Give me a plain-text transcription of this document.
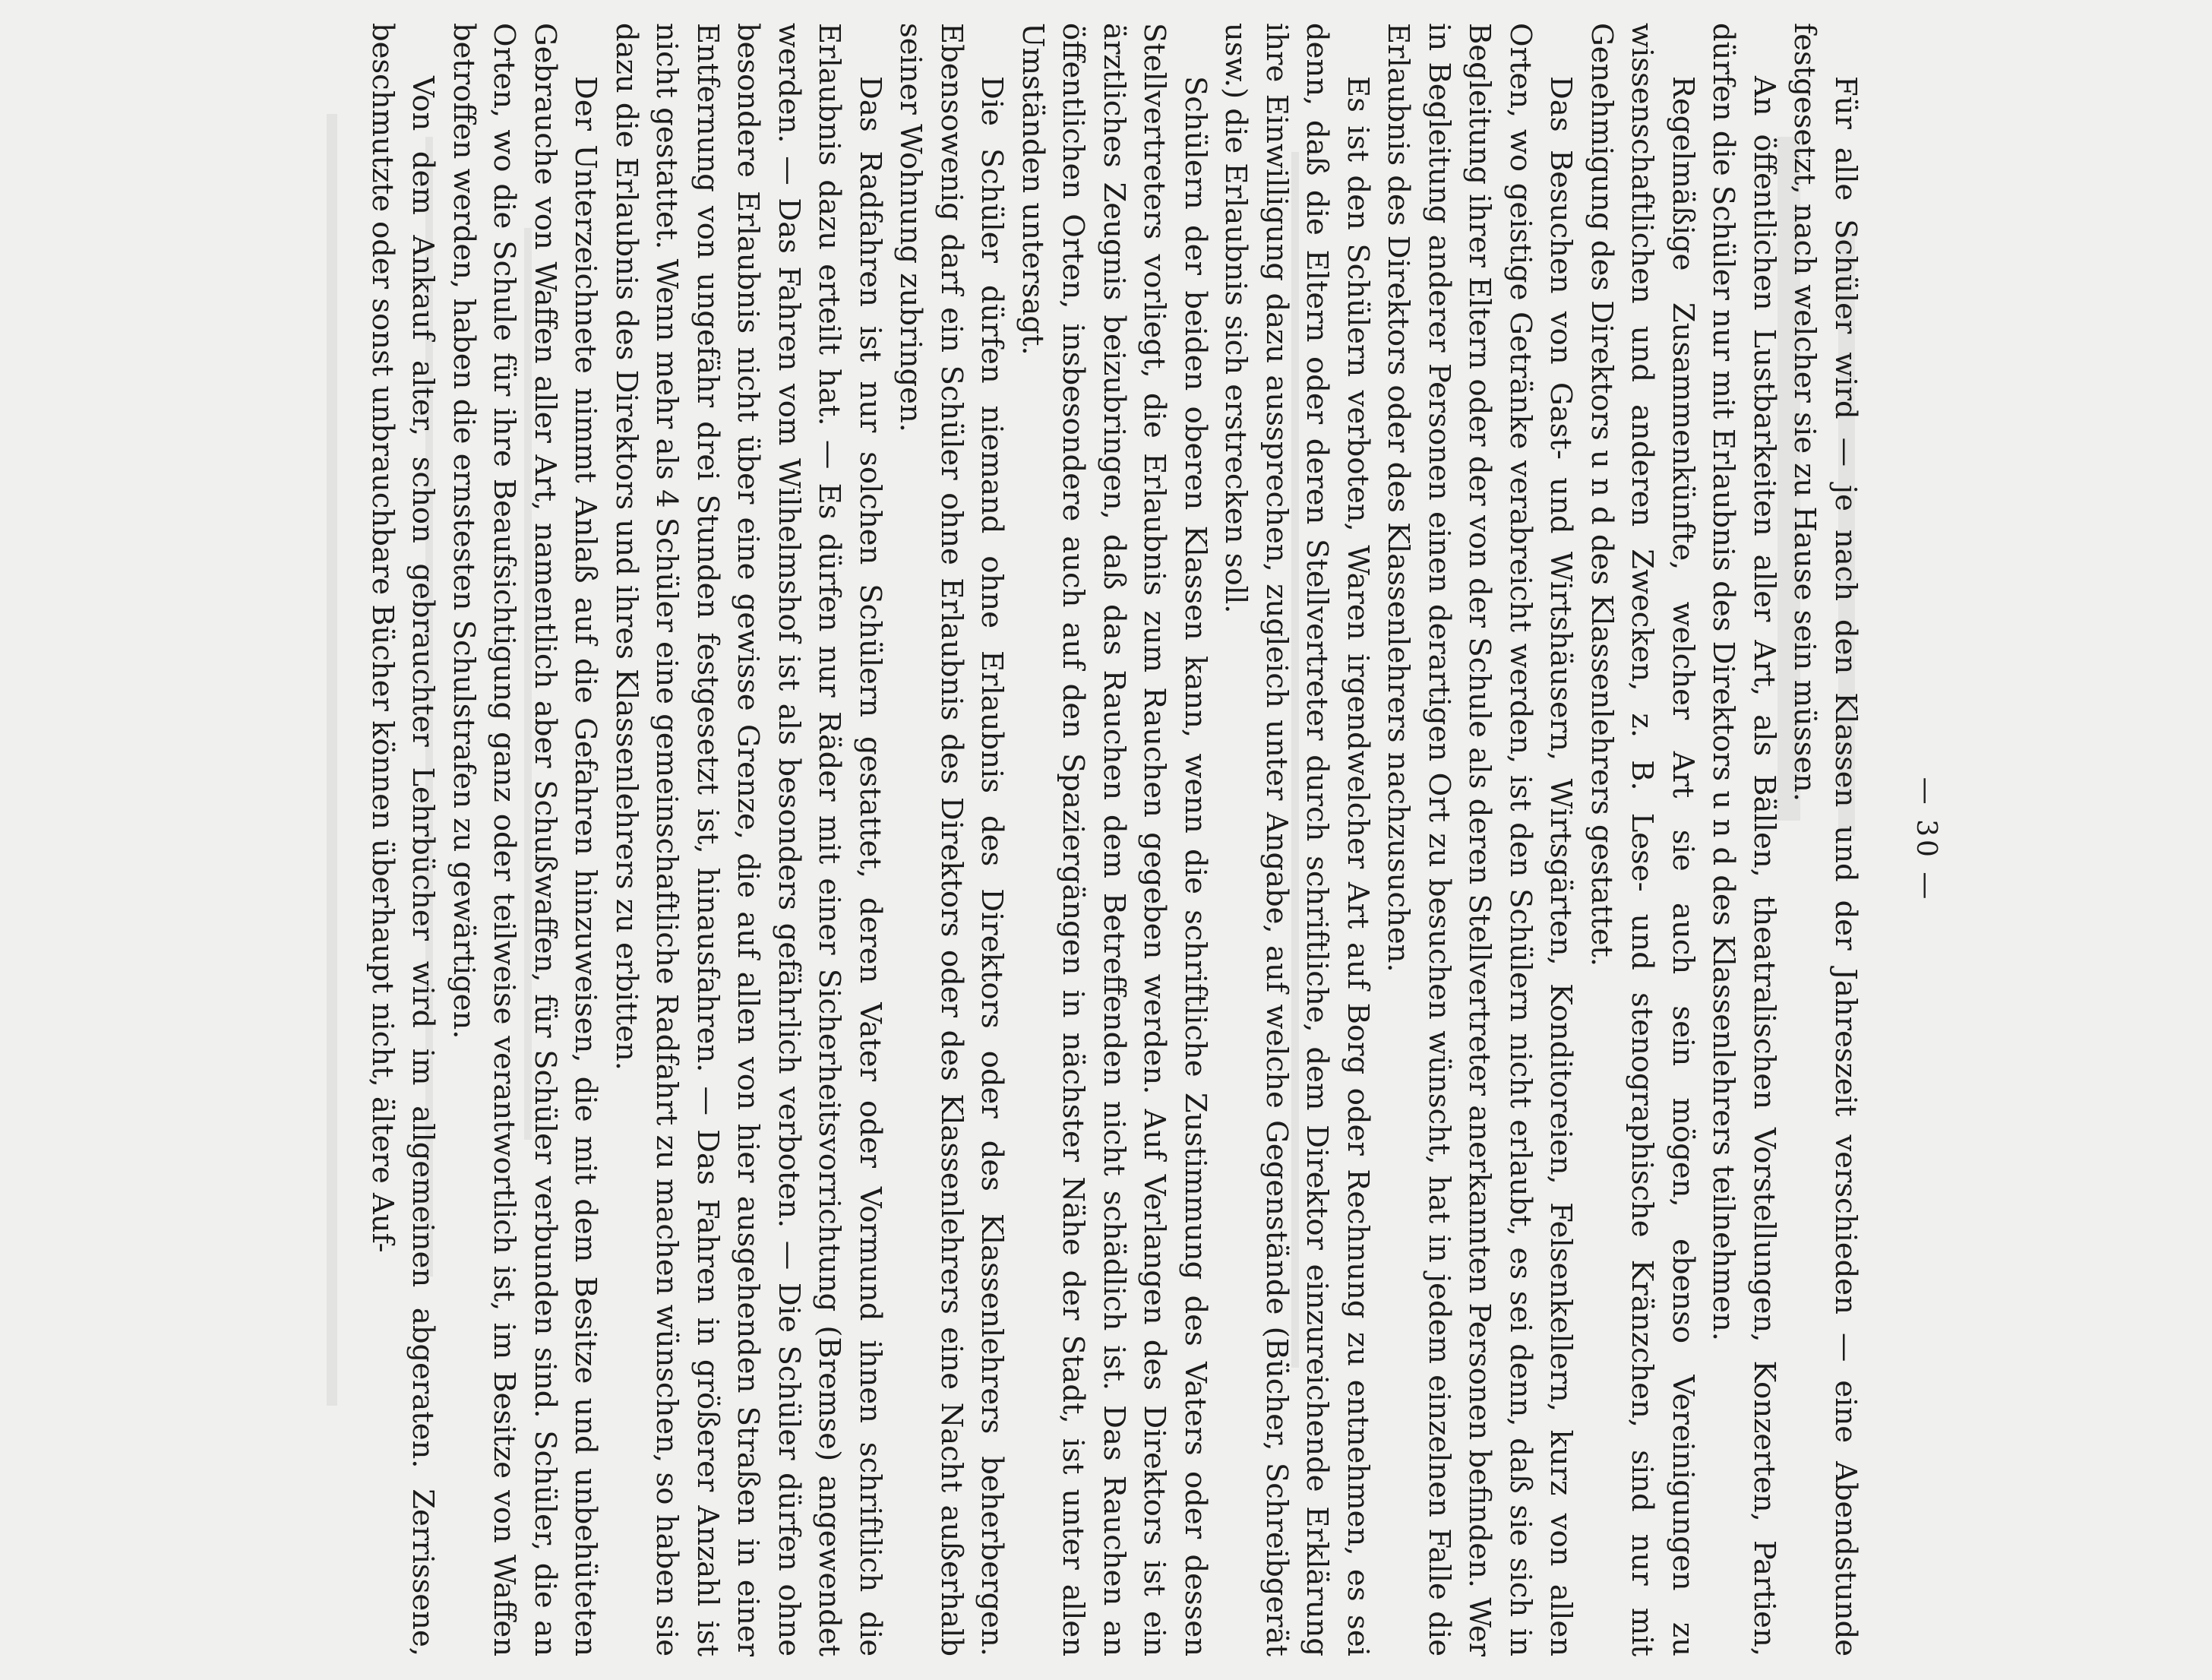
— 30 —

Für alle Schüler wird — je nach den Klassen und der Jahreszeit verschieden — eine Abendstunde festgesetzt, nach welcher sie zu Hause sein müssen.

An öffentlichen Lustbarkeiten aller Art, als Bällen, theatralischen Vorstellungen, Konzerten, Partien, dürfen die Schüler nur mit Erlaubnis des Direktors u n d des Klassenlehrers teilnehmen.

Regelmäßige Zusammenkünfte, welcher Art sie auch sein mögen, ebenso Vereinigungen zu wissenschaftlichen und anderen Zwecken, z. B. Lese- und stenographische Kränzchen, sind nur mit Genehmigung des Direktors u n d des Klassenlehrers gestattet.

Das Besuchen von Gast- und Wirtshäusern, Wirtsgärten, Konditoreien, Felsenkellern, kurz von allen Orten, wo geistige Getränke verabreicht werden, ist den Schülern nicht erlaubt, es sei denn, daß sie sich in Begleitung ihrer Eltern oder der von der Schule als deren Stellvertreter anerkannten Personen befinden. Wer in Begleitung anderer Personen einen derartigen Ort zu besuchen wünscht, hat in jedem einzelnen Falle die Erlaubnis des Direktors oder des Klassenlehrers nachzusuchen.

Es ist den Schülern verboten, Waren irgendwelcher Art auf Borg oder Rechnung zu entnehmen, es sei denn, daß die Eltern oder deren Stellvertreter durch schriftliche, dem Direktor einzureichende Erklärung ihre Einwilligung dazu aussprechen, zugleich unter Angabe, auf welche Gegenstände (Bücher, Schreibgerät usw.) die Erlaubnis sich erstrecken soll.

Schülern der beiden oberen Klassen kann, wenn die schriftliche Zustimmung des Vaters oder dessen Stellvertreters vorliegt, die Erlaubnis zum Rauchen gegeben werden. Auf Verlangen des Direktors ist ein ärztliches Zeugnis beizubringen, daß das Rauchen dem Betreffenden nicht schädlich ist. Das Rauchen an öffentlichen Orten, insbesondere auch auf den Spaziergängen in nächster Nähe der Stadt, ist unter allen Umständen untersagt.

Die Schüler dürfen niemand ohne Erlaubnis des Direktors oder des Klassenlehrers beherbergen. Ebensowenig darf ein Schüler ohne Erlaubnis des Direktors oder des Klassenlehrers eine Nacht außerhalb seiner Wohnung zubringen.

Das Radfahren ist nur solchen Schülern gestattet, deren Vater oder Vormund ihnen schriftlich die Erlaubnis dazu erteilt hat. — Es dürfen nur Räder mit einer Sicherheitsvorrichtung (Bremse) angewendet werden. — Das Fahren vom Wilhelmshof ist als besonders gefährlich verboten. — Die Schüler dürfen ohne besondere Erlaubnis nicht über eine gewisse Grenze, die auf allen von hier ausgehenden Straßen in einer Entfernung von ungefähr drei Stunden festgesetzt ist, hinausfahren. — Das Fahren in größerer Anzahl ist nicht gestattet. Wenn mehr als 4 Schüler eine gemeinschaftliche Radfahrt zu machen wünschen, so haben sie dazu die Erlaubnis des Direktors und ihres Klassenlehrers zu erbitten.

Der Unterzeichnete nimmt Anlaß auf die Gefahren hinzuweisen, die mit dem Besitze und unbehüteten Gebrauche von Waffen aller Art, namentlich aber Schußwaffen, für Schüler verbunden sind. Schüler, die an Orten, wo die Schule für ihre Beaufsichtigung ganz oder teilweise verantwortlich ist, im Besitze von Waffen betroffen werden, haben die ernstesten Schulstrafen zu gewärtigen.

Von dem Ankauf alter, schon gebrauchter Lehrbücher wird im allgemeinen abgeraten. Zerrissene, beschmutzte oder sonst unbrauchbare Bücher können überhaupt nicht, ältere Auf-
